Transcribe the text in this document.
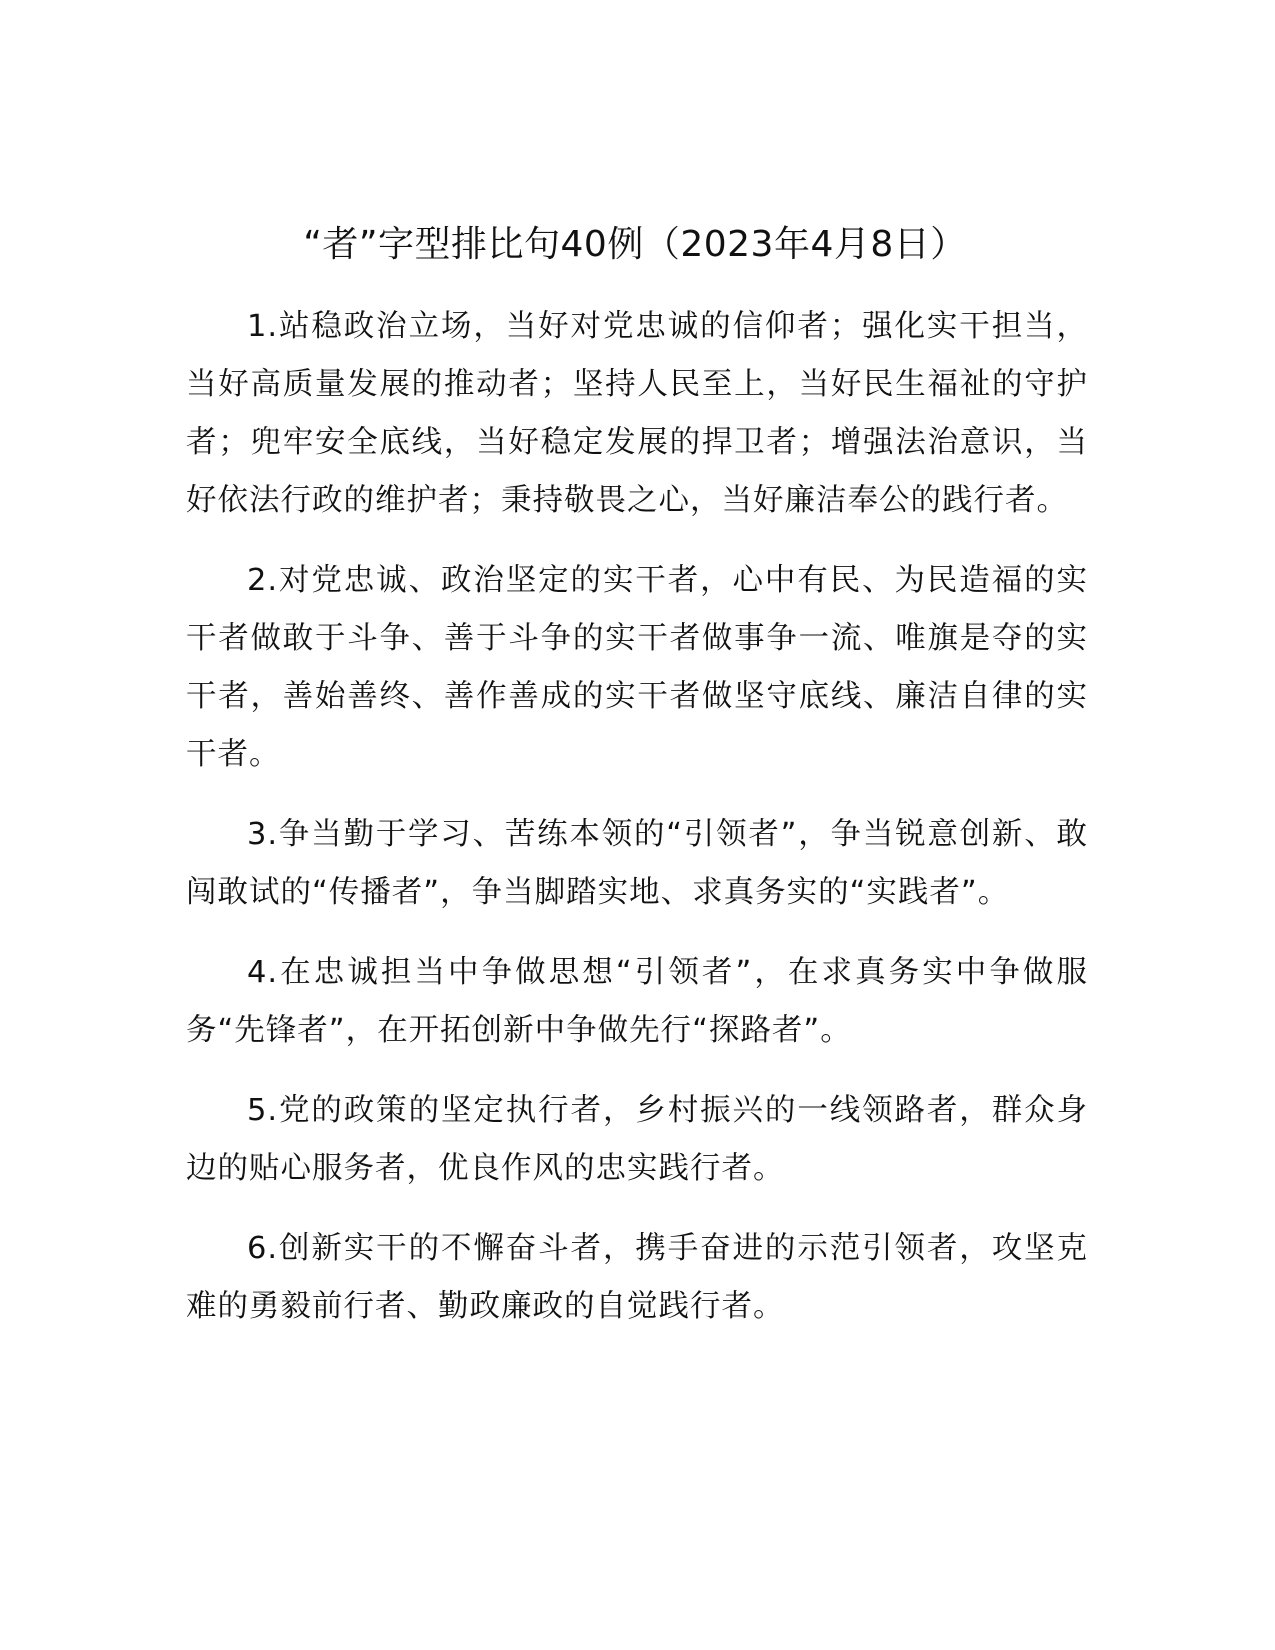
“者”字型排比句40例（2023年4月8日）

1.站稳政治立场，当好对党忠诚的信仰者；强化实干担当，当好高质量发展的推动者；坚持人民至上，当好民生福祉的守护者；兜牢安全底线，当好稳定发展的捍卫者；增强法治意识，当好依法行政的维护者；秉持敬畏之心，当好廉洁奉公的践行者。

2.对党忠诚、政治坚定的实干者，心中有民、为民造福的实干者做敢于斗争、善于斗争的实干者做事争一流、唯旗是夺的实干者，善始善终、善作善成的实干者做坚守底线、廉洁自律的实干者。

3.争当勤于学习、苦练本领的“引领者”，争当锐意创新、敢闯敢试的“传播者”，争当脚踏实地、求真务实的“实践者”。

4.在忠诚担当中争做思想“引领者”，在求真务实中争做服务“先锋者”，在开拓创新中争做先行“探路者”。

5.党的政策的坚定执行者，乡村振兴的一线领路者，群众身边的贴心服务者，优良作风的忠实践行者。

6.创新实干的不懈奋斗者，携手奋进的示范引领者，攻坚克难的勇毅前行者、勤政廉政的自觉践行者。
